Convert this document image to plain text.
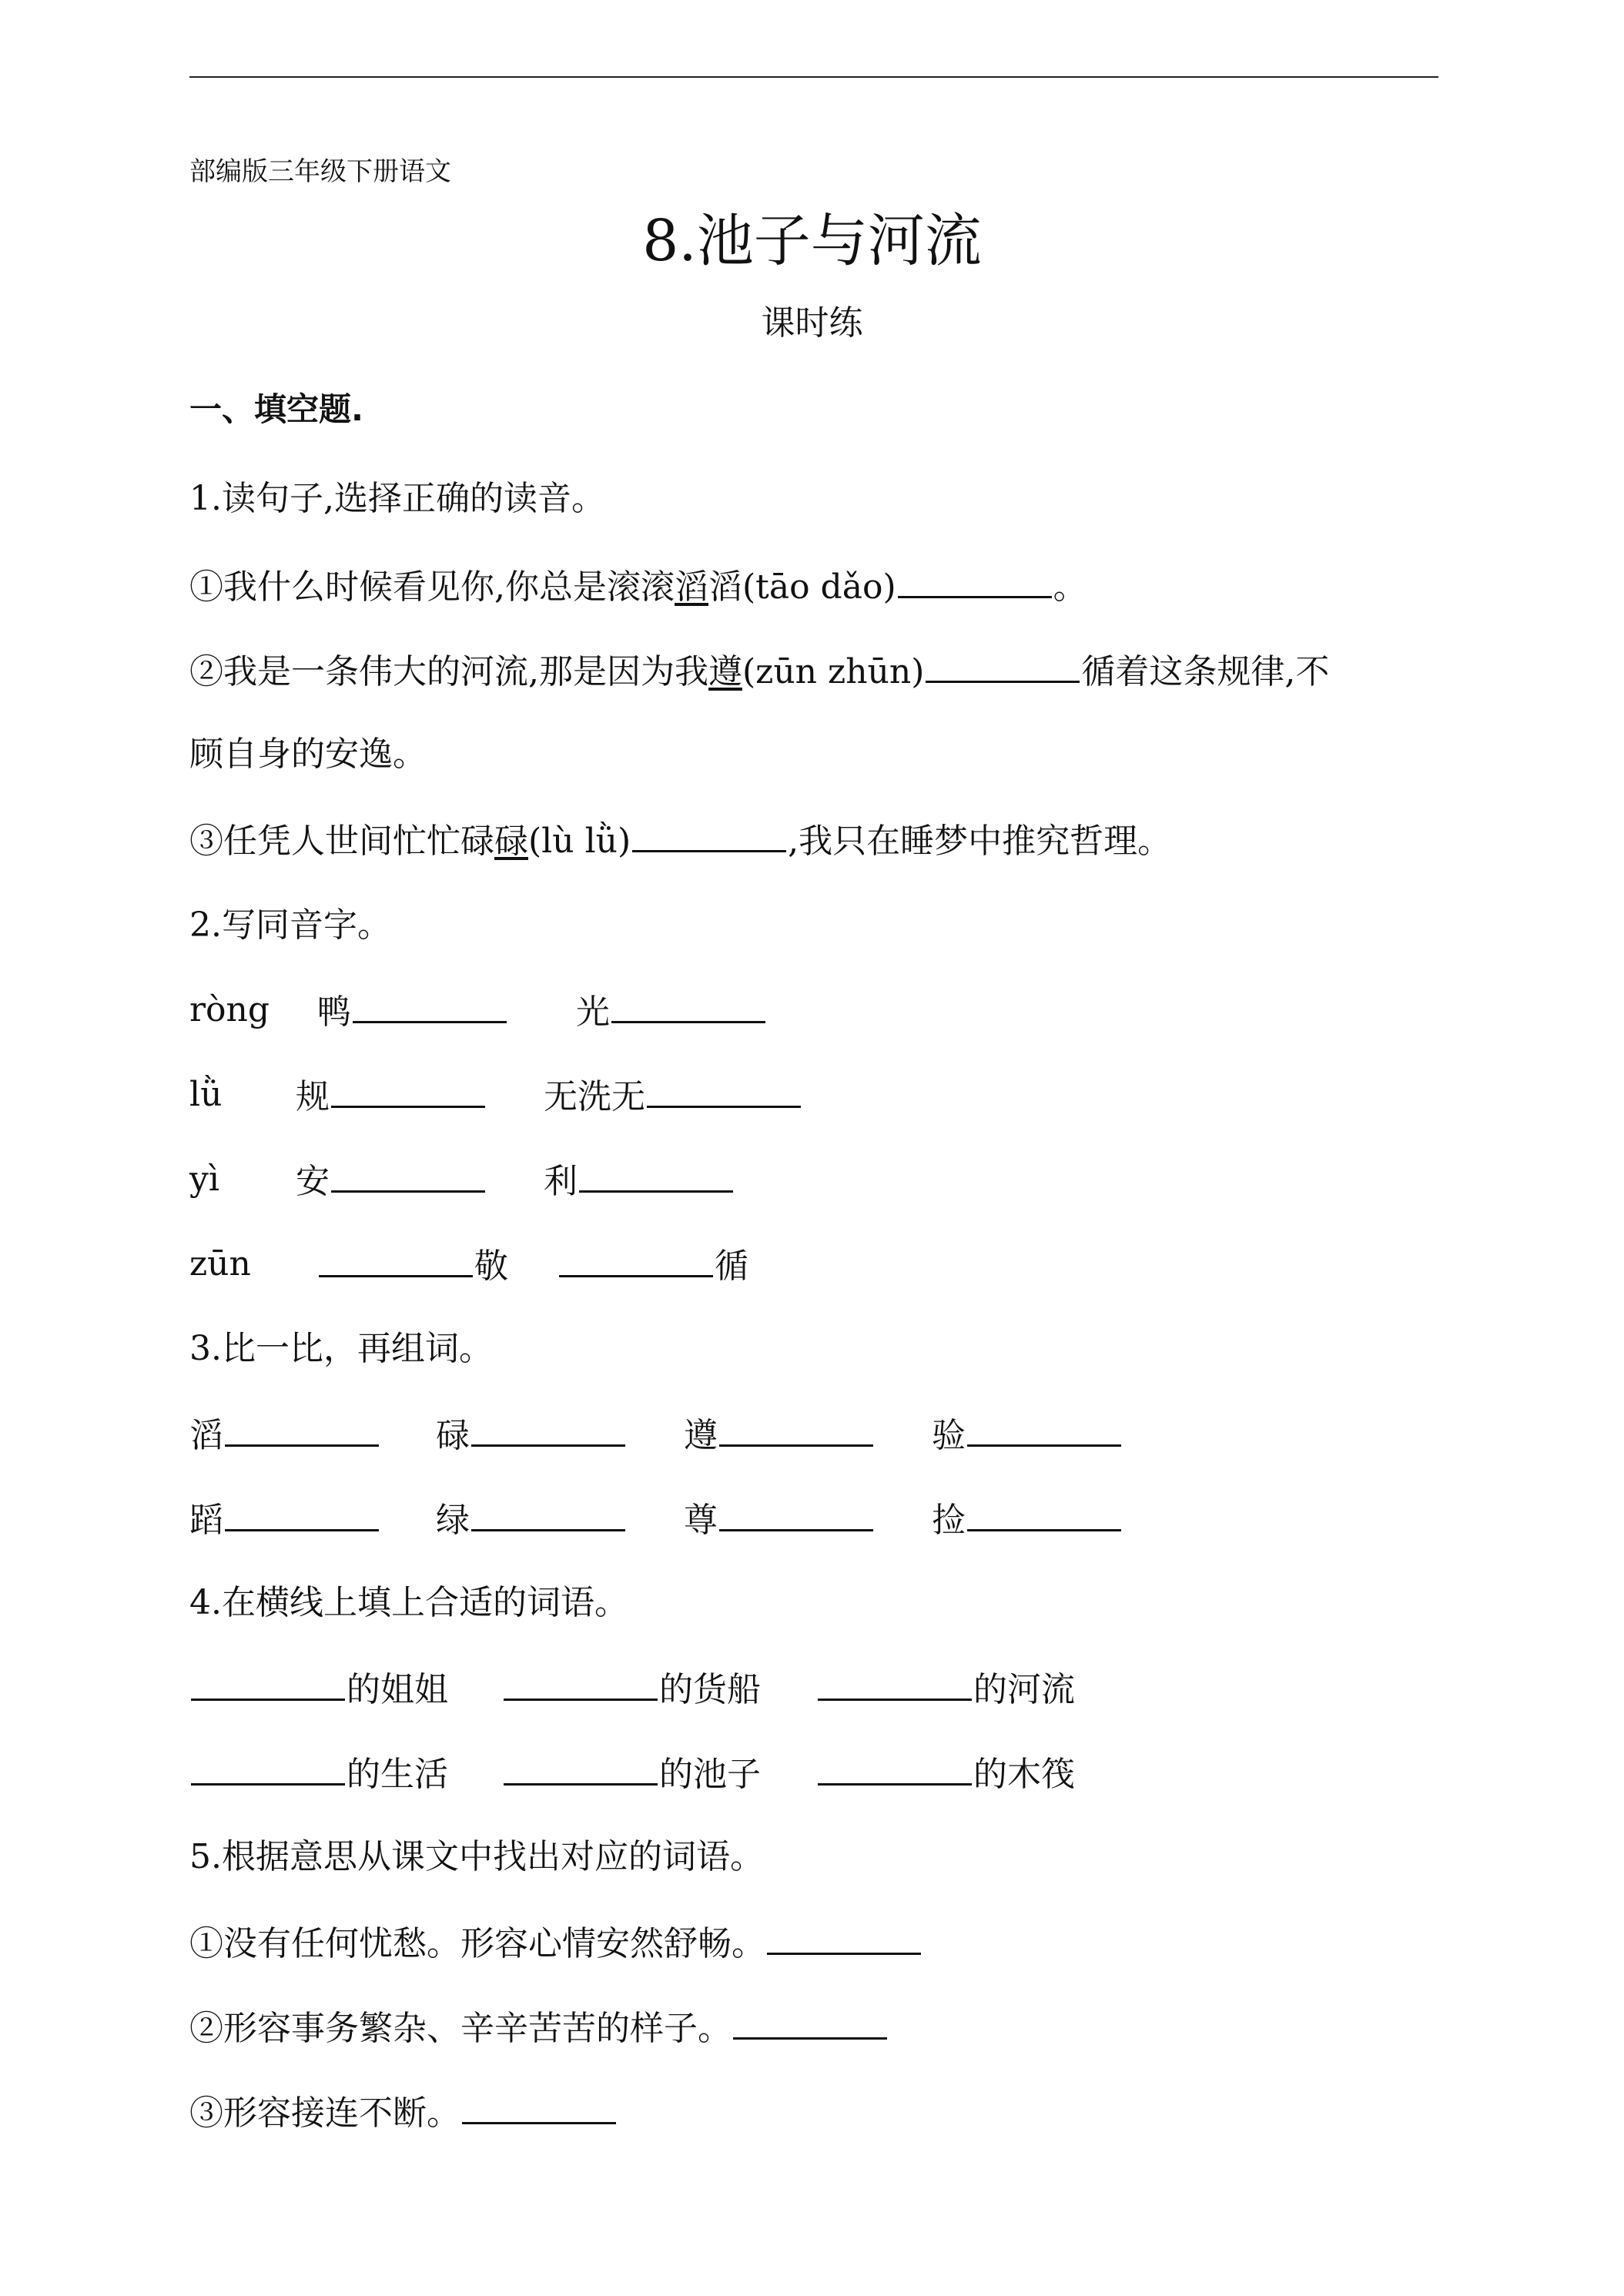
部编版三年级下册语文
8.池子与河流
课时练
一、填空题.
1.读句子,选择正确的读音。
①我什么时候看见你,你总是滚滚滔滔(tāo dǎo)	。
②我是一条伟大的河流,那是因为我遵(zūn zhūn)	循着这条规律,不
顾自身的安逸。
③任凭人世间忙忙碌碌(lù lǜ)	,我只在睡梦中推究哲理。
2.写同音字。
ròng 鸭	光
lǜ 规	无洗无
yì 安	利
zūn	敬	循
3.比一比，再组词。
滔	碌	遵	验
蹈	绿	尊	捡
4.在横线上填上合适的词语。
的姐姐	的货船	的河流
的生活	的池子	的木筏
5.根据意思从课文中找出对应的词语。
①没有任何忧愁。形容心情安然舒畅。
②形容事务繁杂、辛辛苦苦的样子。
③形容接连不断。
